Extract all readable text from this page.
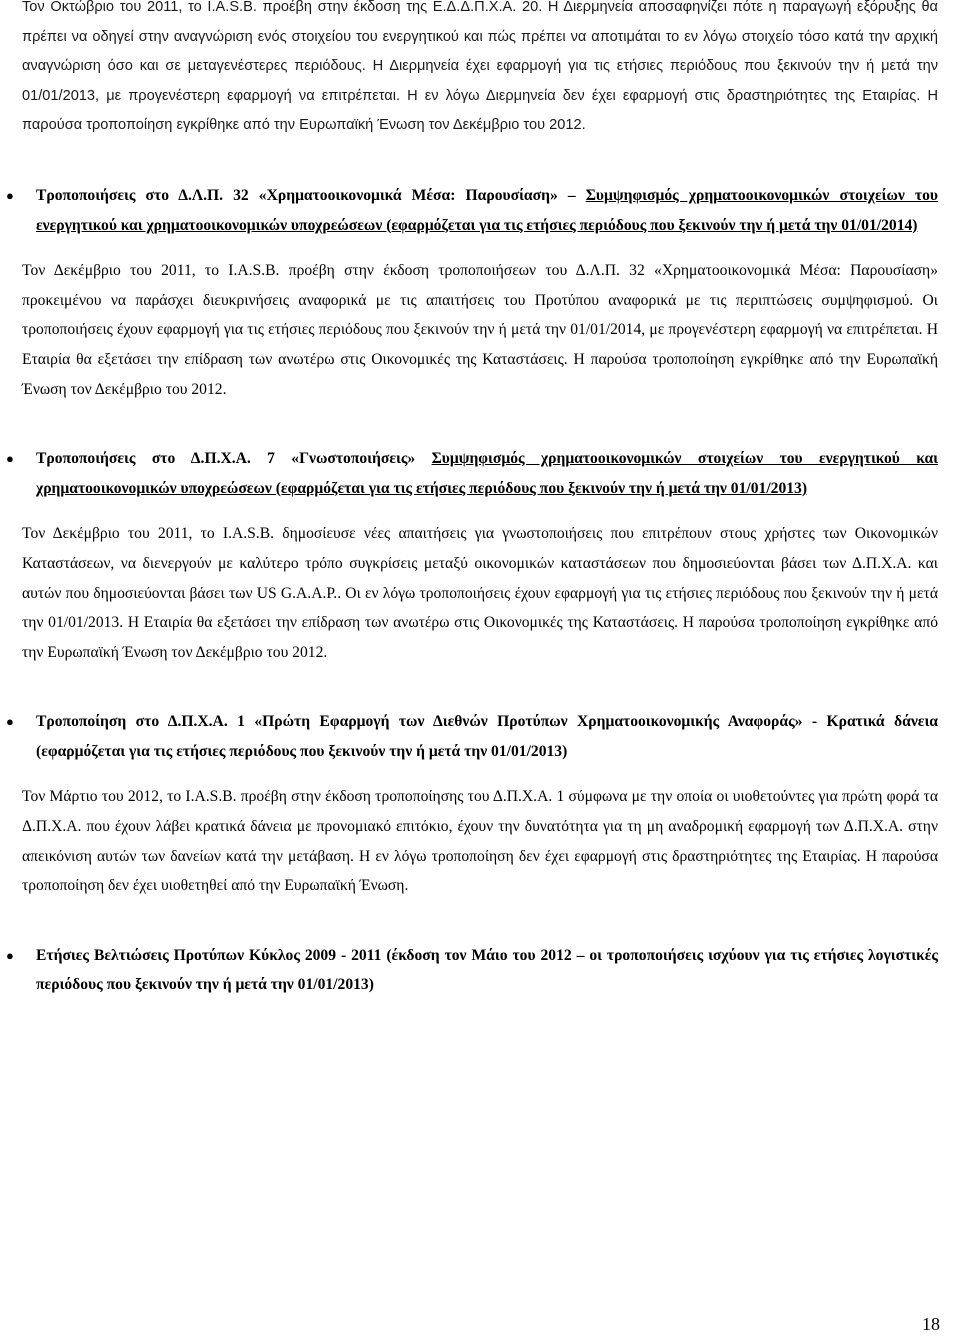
Τον Οκτώβριο του 2011, το I.A.S.B. προέβη στην έκδοση της Ε.Δ.Δ.Π.Χ.Α. 20. Η Διερμηνεία αποσαφηνίζει πότε η παραγωγή εξόρυξης θα πρέπει να οδηγεί στην αναγνώριση ενός στοιχείου του ενεργητικού και πώς πρέπει να αποτιμάται το εν λόγω στοιχείο τόσο κατά την αρχική αναγνώριση όσο και σε μεταγενέστερες περιόδους. Η Διερμηνεία έχει εφαρμογή για τις ετήσιες περιόδους που ξεκινούν την ή μετά την 01/01/2013, με προγενέστερη εφαρμογή να επιτρέπεται. Η εν λόγω Διερμηνεία δεν έχει εφαρμογή στις δραστηριότητες της Εταιρίας. Η παρούσα τροποποίηση εγκρίθηκε από την Ευρωπαϊκή Ένωση τον Δεκέμβριο του 2012.

● Τροποποιήσεις στο Δ.Λ.Π. 32 «Χρηματοοικονομικά Μέσα: Παρουσίαση» – Συμψηφισμός χρηματοοικονομικών στοιχείων του ενεργητικού και χρηματοοικονομικών υποχρεώσεων (εφαρμόζεται για τις ετήσιες περιόδους που ξεκινούν την ή μετά την 01/01/2014)

Τον Δεκέμβριο του 2011, το I.A.S.B. προέβη στην έκδοση τροποποιήσεων του Δ.Λ.Π. 32 «Χρηματοοικονομικά Μέσα: Παρουσίαση» προκειμένου να παράσχει διευκρινήσεις αναφορικά με τις απαιτήσεις του Προτύπου αναφορικά με τις περιπτώσεις συμψηφισμού. Οι τροποποιήσεις έχουν εφαρμογή για τις ετήσιες περιόδους που ξεκινούν την ή μετά την 01/01/2014, με προγενέστερη εφαρμογή να επιτρέπεται. Η Εταιρία θα εξετάσει την επίδραση των ανωτέρω στις Οικονομικές της Καταστάσεις. Η παρούσα τροποποίηση εγκρίθηκε από την Ευρωπαϊκή Ένωση τον Δεκέμβριο του 2012.

● Τροποποιήσεις στο Δ.Π.Χ.Α. 7 «Γνωστοποιήσεις» Συμψηφισμός χρηματοοικονομικών στοιχείων του ενεργητικού και χρηματοοικονομικών υποχρεώσεων (εφαρμόζεται για τις ετήσιες περιόδους που ξεκινούν την ή μετά την 01/01/2013)

Τον Δεκέμβριο του 2011, το I.A.S.B. δημοσίευσε νέες απαιτήσεις για γνωστοποιήσεις που επιτρέπουν στους χρήστες των Οικονομικών Καταστάσεων, να διενεργούν με καλύτερο τρόπο συγκρίσεις μεταξύ οικονομικών καταστάσεων που δημοσιεύονται βάσει των Δ.Π.Χ.Α. και αυτών που δημοσιεύονται βάσει των US G.A.A.P.. Οι εν λόγω τροποποιήσεις έχουν εφαρμογή για τις ετήσιες περιόδους που ξεκινούν την ή μετά την 01/01/2013. Η Εταιρία θα εξετάσει την επίδραση των ανωτέρω στις Οικονομικές της Καταστάσεις. Η παρούσα τροποποίηση εγκρίθηκε από την Ευρωπαϊκή Ένωση τον Δεκέμβριο του 2012.

● Τροποποίηση στο Δ.Π.Χ.Α. 1 «Πρώτη Εφαρμογή των Διεθνών Προτύπων Χρηματοοικονομικής Αναφοράς» - Κρατικά δάνεια (εφαρμόζεται για τις ετήσιες περιόδους που ξεκινούν την ή μετά την 01/01/2013)

Τον Μάρτιο του 2012, το I.A.S.B. προέβη στην έκδοση τροποποίησης του Δ.Π.Χ.Α. 1 σύμφωνα με την οποία οι υιοθετούντες για πρώτη φορά τα Δ.Π.Χ.Α. που έχουν λάβει κρατικά δάνεια με προνομιακό επιτόκιο, έχουν την δυνατότητα για τη μη αναδρομική εφαρμογή των Δ.Π.Χ.Α. στην απεικόνιση αυτών των δανείων κατά την μετάβαση. Η εν λόγω τροποποίηση δεν έχει εφαρμογή στις δραστηριότητες της Εταιρίας. Η παρούσα τροποποίηση δεν έχει υιοθετηθεί από την Ευρωπαϊκή Ένωση.

● Ετήσιες Βελτιώσεις Προτύπων Κύκλος 2009 - 2011 (έκδοση τον Μάιο του 2012 – οι τροποποιήσεις ισχύουν για τις ετήσιες λογιστικές περιόδους που ξεκινούν την ή μετά την 01/01/2013)
18
